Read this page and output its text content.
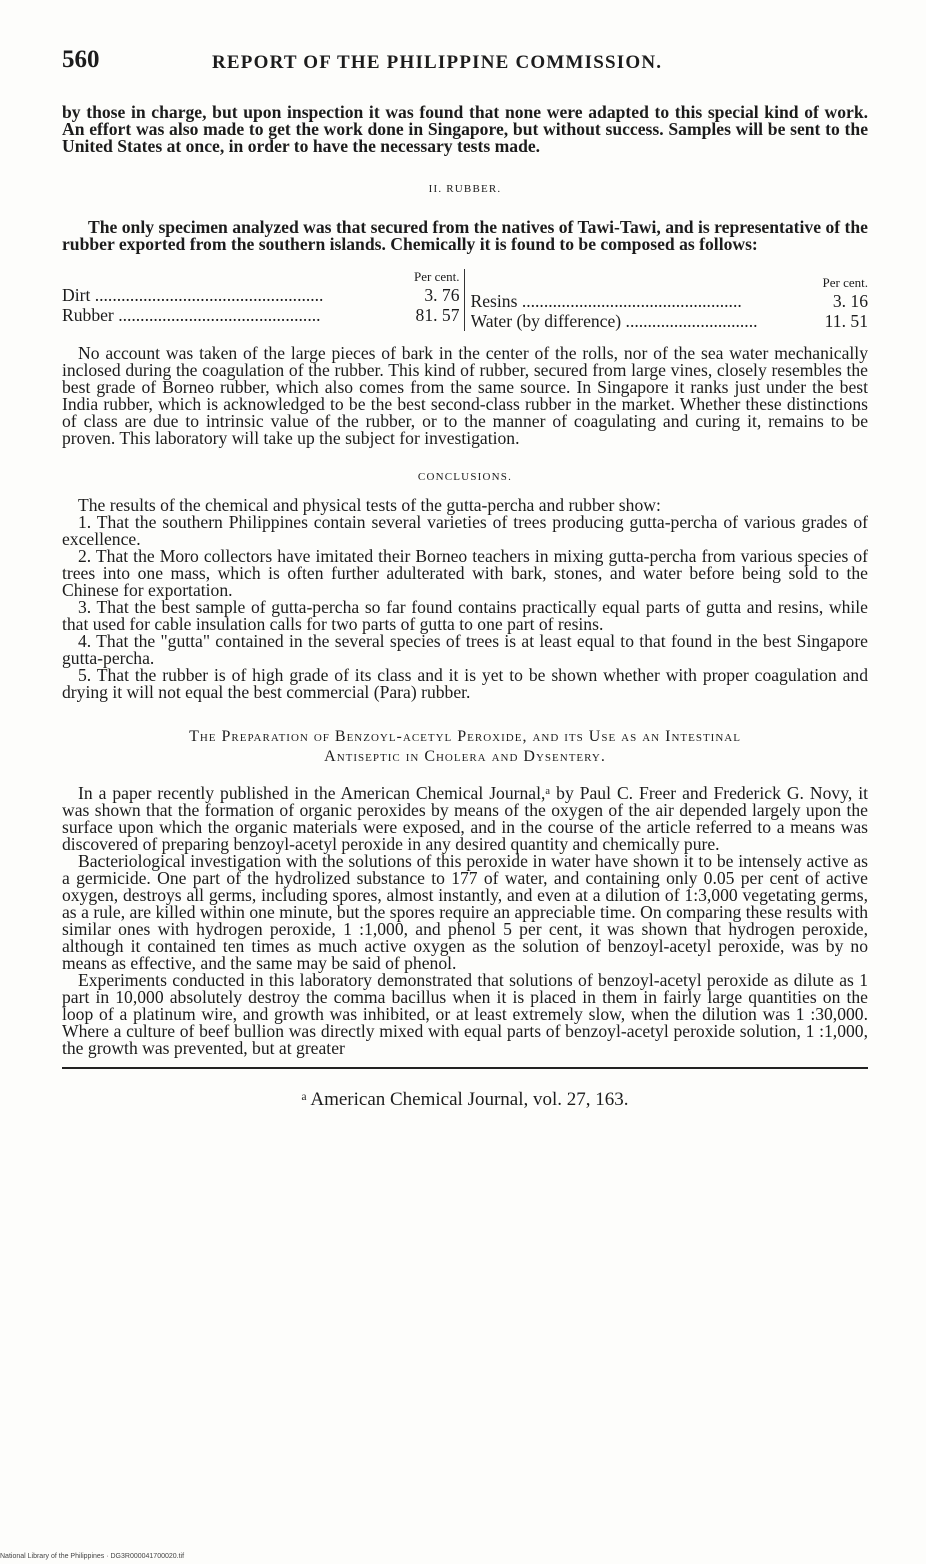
560	REPORT OF THE PHILIPPINE COMMISSION.

by those in charge, but upon inspection it was found that none were adapted to this special kind of work. An effort was also made to get the work done in Singapore, but without success. Samples will be sent to the United States at once, in order to have the necessary tests made.

II. RUBBER.

The only specimen analyzed was that secured from the natives of Tawi-Tawi, and is representative of the rubber exported from the southern islands. Chemically it is found to be composed as follows:

Per cent.
Dirt ....................................................	3. 76
Rubber ..............................................	81. 57
Per cent.
Resins ..................................................	3. 16
Water (by difference) ..............................	11. 51

No account was taken of the large pieces of bark in the center of the rolls, nor of the sea water mechanically inclosed during the coagulation of the rubber. This kind of rubber, secured from large vines, closely resembles the best grade of Borneo rubber, which also comes from the same source. In Singapore it ranks just under the best India rubber, which is acknowledged to be the best second-class rubber in the market. Whether these distinctions of class are due to intrinsic value of the rubber, or to the manner of coagulating and curing it, remains to be proven. This laboratory will take up the subject for investigation.

CONCLUSIONS.

The results of the chemical and physical tests of the gutta-percha and rubber show:

1. That the southern Philippines contain several varieties of trees producing gutta-percha of various grades of excellence.

2. That the Moro collectors have imitated their Borneo teachers in mixing gutta-percha from various species of trees into one mass, which is often further adulterated with bark, stones, and water before being sold to the Chinese for exportation.

3. That the best sample of gutta-percha so far found contains practically equal parts of gutta and resins, while that used for cable insulation calls for two parts of gutta to one part of resins.

4. That the "gutta" contained in the several species of trees is at least equal to that found in the best Singapore gutta-percha.

5. That the rubber is of high grade of its class and it is yet to be shown whether with proper coagulation and drying it will not equal the best commercial (Para) rubber.

The Preparation of Benzoyl-acetyl Peroxide, and its Use as an Intestinal
Antiseptic in Cholera and Dysentery.

In a paper recently published in the American Chemical Journal,ᵃ by Paul C. Freer and Frederick G. Novy, it was shown that the formation of organic peroxides by means of the oxygen of the air depended largely upon the surface upon which the organic materials were exposed, and in the course of the article referred to a means was discovered of preparing benzoyl-acetyl peroxide in any desired quantity and chemically pure.

Bacteriological investigation with the solutions of this peroxide in water have shown it to be intensely active as a germicide. One part of the hydrolized substance to 177 of water, and containing only 0.05 per cent of active oxygen, destroys all germs, including spores, almost instantly, and even at a dilution of 1:3,000 vegetating germs, as a rule, are killed within one minute, but the spores require an appreciable time. On comparing these results with similar ones with hydrogen peroxide, 1 :1,000, and phenol 5 per cent, it was shown that hydrogen peroxide, although it contained ten times as much active oxygen as the solution of benzoyl-acetyl peroxide, was by no means as effective, and the same may be said of phenol.

Experiments conducted in this laboratory demonstrated that solutions of benzoyl-acetyl peroxide as dilute as 1 part in 10,000 absolutely destroy the comma bacillus when it is placed in them in fairly large quantities on the loop of a platinum wire, and growth was inhibited, or at least extremely slow, when the dilution was 1 :30,000. Where a culture of beef bullion was directly mixed with equal parts of benzoyl-acetyl peroxide solution, 1 :1,000, the growth was prevented, but at greater

ᵃ American Chemical Journal, vol. 27, 163.
National Library of the Philippines · DG3R000041700020.tif
